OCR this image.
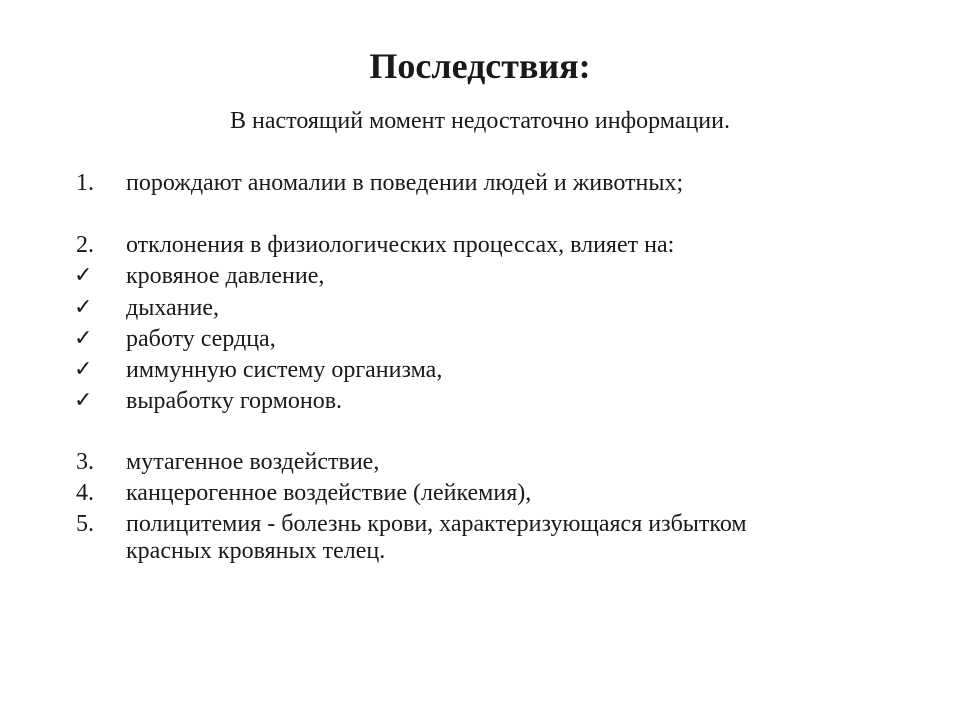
Последствия:
В настоящий момент недостаточно информации.
1. порождают аномалии в поведении людей и животных;
2. отклонения в физиологических процессах, влияет на:
✓ кровяное давление,
✓ дыхание,
✓ работу сердца,
✓ иммунную систему организма,
✓ выработку гормонов.
3. мутагенное воздействие,
4. канцерогенное воздействие (лейкемия),
5. полицитемия - болезнь крови, характеризующаяся избытком
красных кровяных телец.
